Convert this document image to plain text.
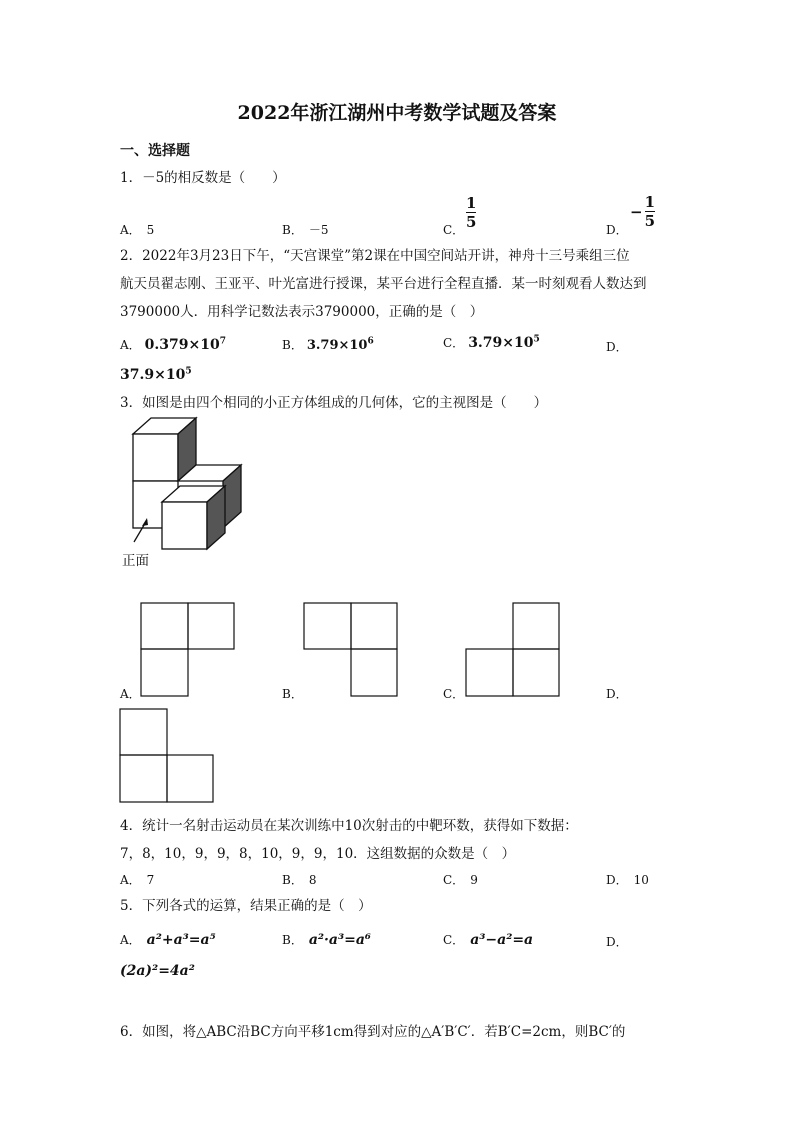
2022年浙江湖州中考数学试题及答案
一、选择题
1．－5的相反数是（　　）
A． 5	B． －5	C． $\frac{1}{5}$	D．
− $\frac{1}{5}$
2．2022年3月23日下午，“天宫课堂”第2课在中国空间站开讲，神舟十三号乘组三位
航天员翟志刚、王亚平、叶光富进行授课，某平台进行全程直播．某一时刻观看人数达到
3790000人．用科学记数法表示3790000，正确的是（　）
A． $0.379\times 10^7$	B． $3.79\times 10^6$	C． $3.79\times 10^5$
D．
$37.9\times 10^5$
3．如图是由四个相同的小正方体组成的几何体，它的主视图是（　　）
正面
A．	B．	C．	D．
4．统计一名射击运动员在某次训练中10次射击的中靶环数，获得如下数据：
7，8，10，9，9，8，10，9，9，10．这组数据的众数是（　）
A． 7	B． 8	C． 9	D． 10
5．下列各式的运算，结果正确的是（　）
A． a²+a³=a⁵	B． a²·a³=a⁶	C． a³−a²=a	D．
(2a)²=4a²
6．如图，将△ABC沿BC方向平移1cm得到对应的△A′B′C′．若B′C=2cm，则BC′的
